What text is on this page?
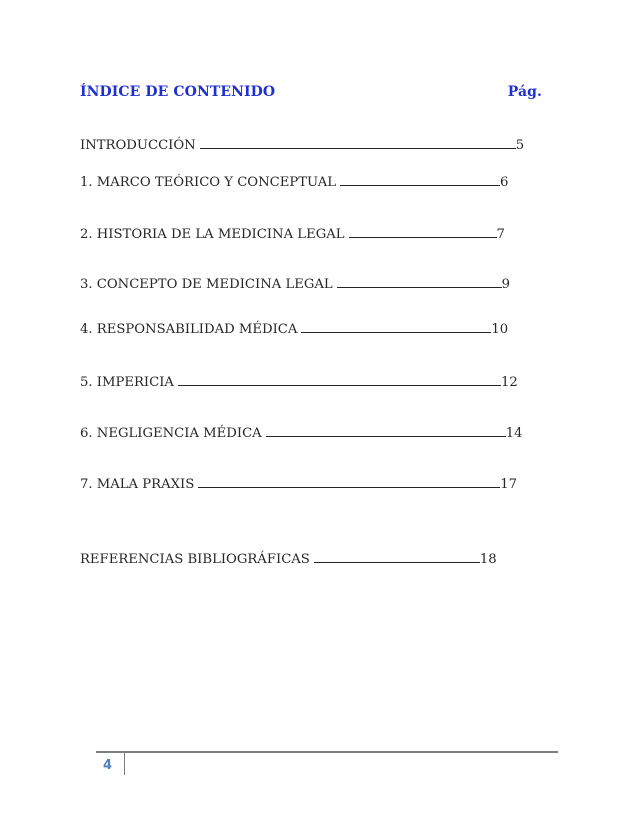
ÍNDICE DE CONTENIDO	Pág.
INTRODUCCIÓN	5
1. MARCO TEÓRICO Y CONCEPTUAL	6
2. HISTORIA DE LA MEDICINA LEGAL	7
3. CONCEPTO DE MEDICINA LEGAL	9
4. RESPONSABILIDAD MÉDICA	10
5. IMPERICIA	12
6. NEGLIGENCIA MÉDICA	14
7. MALA PRAXIS	17
REFERENCIAS BIBLIOGRÁFICAS	18
4
